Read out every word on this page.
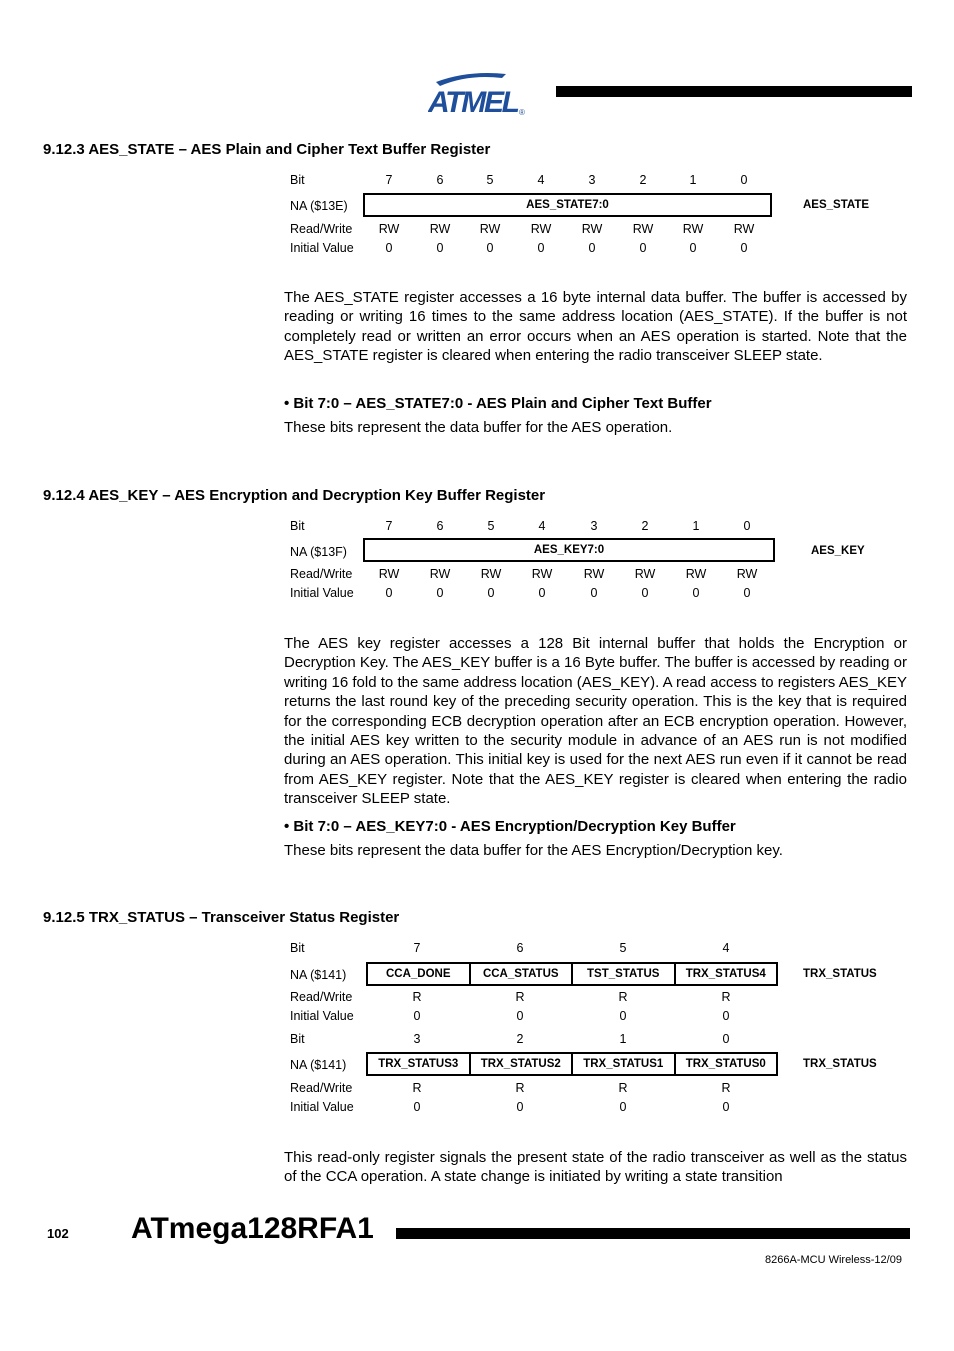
ATMEL ®
9.12.3 AES_STATE – AES Plain and Cipher Text Buffer Register
Bit	7	6	5	4	3	2	1	0
NA ($13E)	AES_STATE7:0	AES_STATE
Read/Write	RW	RW	RW	RW	RW	RW	RW	RW
Initial Value	0	0	0	0	0	0	0	0
The AES_STATE register accesses a 16 byte internal data buffer. The buffer is accessed by reading or writing 16 times to the same address location (AES_STATE). If the buffer is not completely read or written an error occurs when an AES operation is started. Note that the AES_STATE register is cleared when entering the radio transceiver SLEEP state.
• Bit 7:0 – AES_STATE7:0 - AES Plain and Cipher Text Buffer
These bits represent the data buffer for the AES operation.
9.12.4 AES_KEY – AES Encryption and Decryption Key Buffer Register
Bit	7	6	5	4	3	2	1	0
NA ($13F)	AES_KEY7:0	AES_KEY
Read/Write	RW	RW	RW	RW	RW	RW	RW	RW
Initial Value	0	0	0	0	0	0	0	0
The AES key register accesses a 128 Bit internal buffer that holds the Encryption or Decryption Key. The AES_KEY buffer is a 16 Byte buffer. The buffer is accessed by reading or writing 16 fold to the same address location (AES_KEY). A read access to registers AES_KEY returns the last round key of the preceding security operation. This is the key that is required for the corresponding ECB decryption operation after an ECB encryption operation. However, the initial AES key written to the security module in advance of an AES run is not modified during an AES operation. This initial key is used for the next AES run even if it cannot be read from AES_KEY register. Note that the AES_KEY register is cleared when entering the radio transceiver SLEEP state.
• Bit 7:0 – AES_KEY7:0 - AES Encryption/Decryption Key Buffer
These bits represent the data buffer for the AES Encryption/Decryption key.
9.12.5 TRX_STATUS – Transceiver Status Register
Bit	7	6	5	4
NA ($141)	CCA_DONE	CCA_STATUS	TST_STATUS	TRX_STATUS4	TRX_STATUS
Read/Write	R	R	R	R
Initial Value	0	0	0	0
Bit	3	2	1	0
NA ($141)	TRX_STATUS3	TRX_STATUS2	TRX_STATUS1	TRX_STATUS0	TRX_STATUS
Read/Write	R	R	R	R
Initial Value	0	0	0	0
This read-only register signals the present state of the radio transceiver as well as the status of the CCA operation. A state change is initiated by writing a state transition
102 ATmega128RFA1
8266A-MCU Wireless-12/09
